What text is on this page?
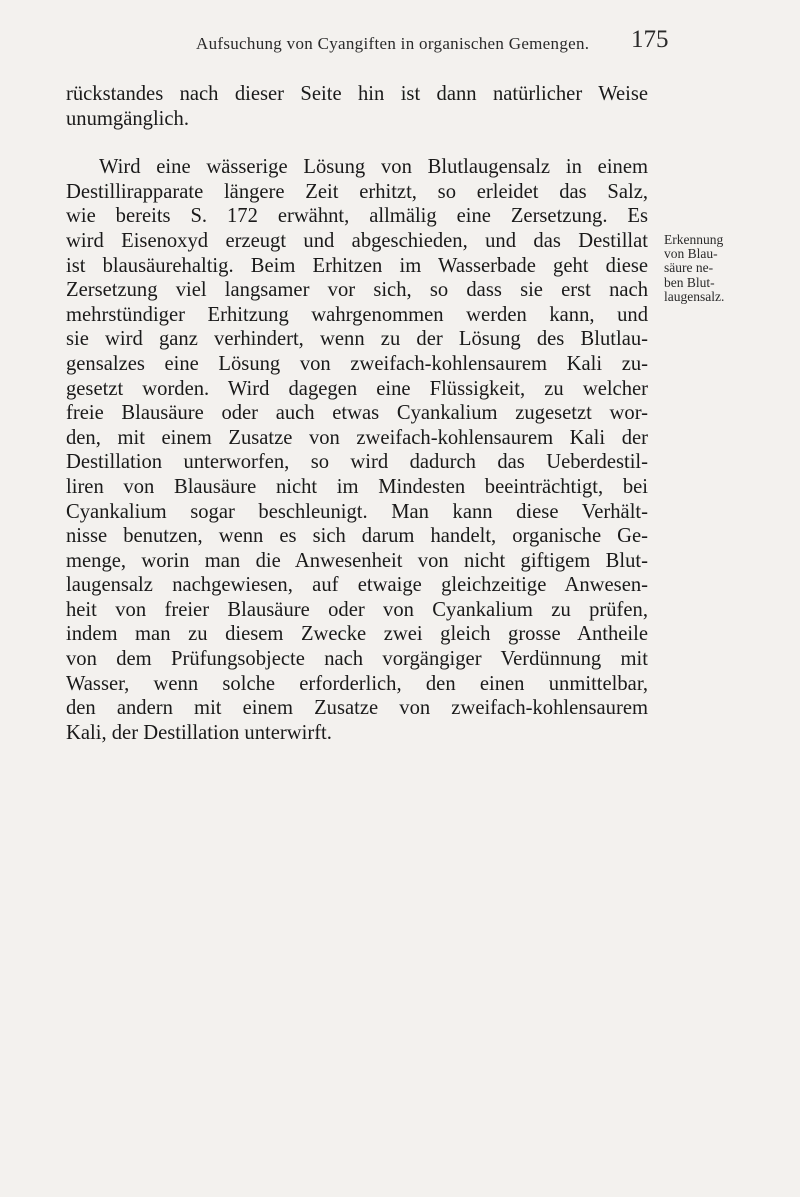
Aufsuchung von Cyangiften in organischen Gemengen. 175
rückstandes nach dieser Seite hin ist dann natürlicher Weise
unumgänglich.
Wird eine wässerige Lösung von Blutlaugensalz in einem
Destillirapparate längere Zeit erhitzt, so erleidet das Salz,
wie bereits S. 172 erwähnt, allmälig eine Zersetzung. Es
wird Eisenoxyd erzeugt und abgeschieden, und das Destillat
ist blausäurehaltig. Beim Erhitzen im Wasserbade geht diese
Zersetzung viel langsamer vor sich, so dass sie erst nach
mehrstündiger Erhitzung wahrgenommen werden kann, und
sie wird ganz verhindert, wenn zu der Lösung des Blutlau-
gensalzes eine Lösung von zweifach-kohlensaurem Kali zu-
gesetzt worden. Wird dagegen eine Flüssigkeit, zu welcher
freie Blausäure oder auch etwas Cyankalium zugesetzt wor-
den, mit einem Zusatze von zweifach-kohlensaurem Kali der
Destillation unterworfen, so wird dadurch das Ueberdestil-
liren von Blausäure nicht im Mindesten beeinträchtigt, bei
Cyankalium sogar beschleunigt. Man kann diese Verhält-
nisse benutzen, wenn es sich darum handelt, organische Ge-
menge, worin man die Anwesenheit von nicht giftigem Blut-
laugensalz nachgewiesen, auf etwaige gleichzeitige Anwesen-
heit von freier Blausäure oder von Cyankalium zu prüfen,
indem man zu diesem Zwecke zwei gleich grosse Antheile
von dem Prüfungsobjecte nach vorgängiger Verdünnung mit
Wasser, wenn solche erforderlich, den einen unmittelbar,
den andern mit einem Zusatze von zweifach-kohlensaurem
Kali, der Destillation unterwirft.
Erkennung
von Blau-
säure ne-
ben Blut-
laugensalz.
